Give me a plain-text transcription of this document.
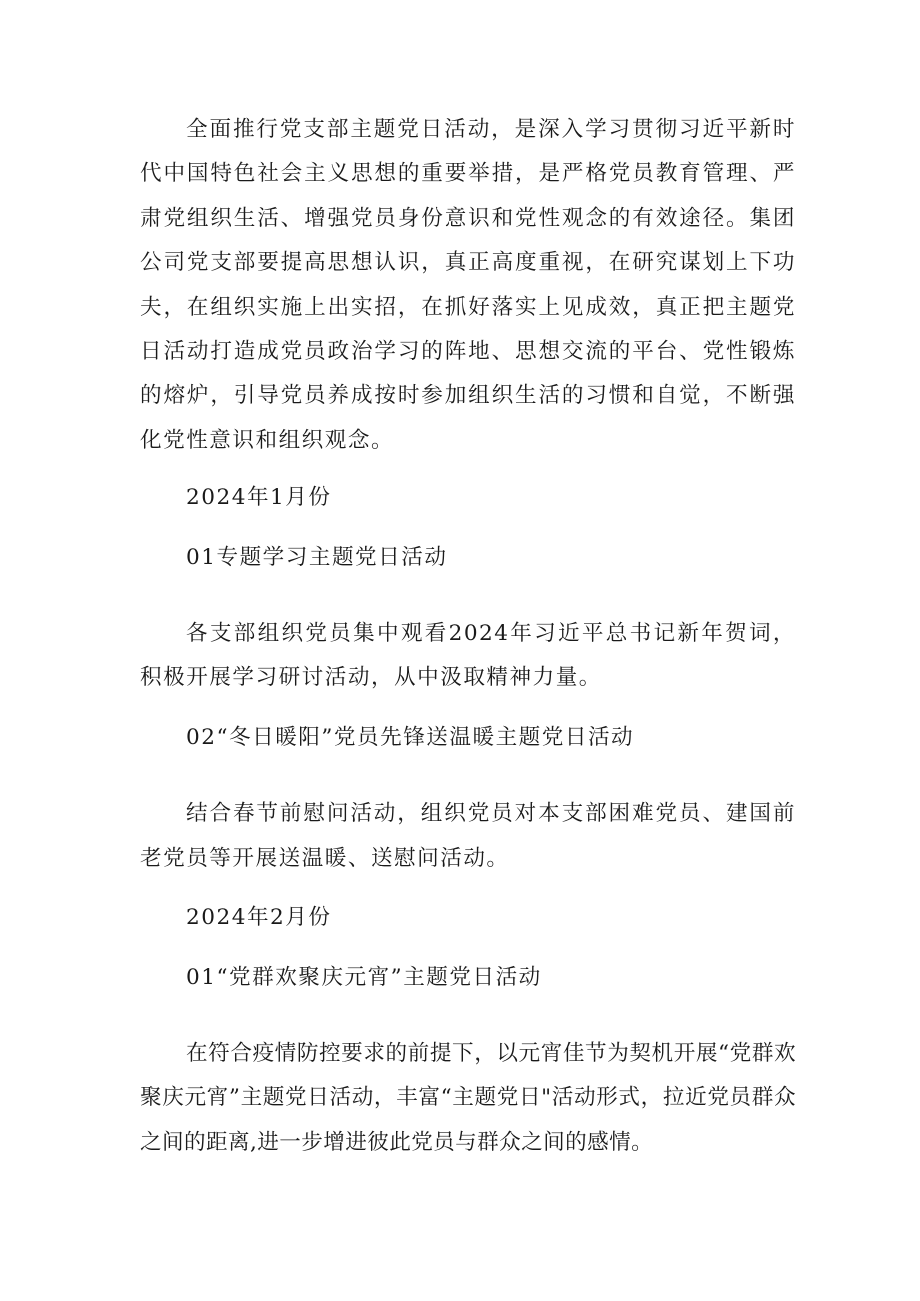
全面推行党支部主题党日活动，是深入学习贯彻习近平新时代中国特色社会主义思想的重要举措，是严格党员教育管理、严肃党组织生活、增强党员身份意识和党性观念的有效途径。集团公司党支部要提高思想认识，真正高度重视，在研究谋划上下功夫，在组织实施上出实招，在抓好落实上见成效，真正把主题党日活动打造成党员政治学习的阵地、思想交流的平台、党性锻炼的熔炉，引导党员养成按时参加组织生活的习惯和自觉，不断强化党性意识和组织观念。

2024年1月份

01专题学习主题党日活动

各支部组织党员集中观看2024年习近平总书记新年贺词，积极开展学习研讨活动，从中汲取精神力量。

02“冬日暖阳”党员先锋送温暖主题党日活动

结合春节前慰问活动，组织党员对本支部困难党员、建国前老党员等开展送温暖、送慰问活动。

2024年2月份

01“党群欢聚庆元宵”主题党日活动

在符合疫情防控要求的前提下，以元宵佳节为契机开展“党群欢聚庆元宵”主题党日活动，丰富“主题党日"活动形式，拉近党员群众之间的距离,进一步增进彼此党员与群众之间的感情。
